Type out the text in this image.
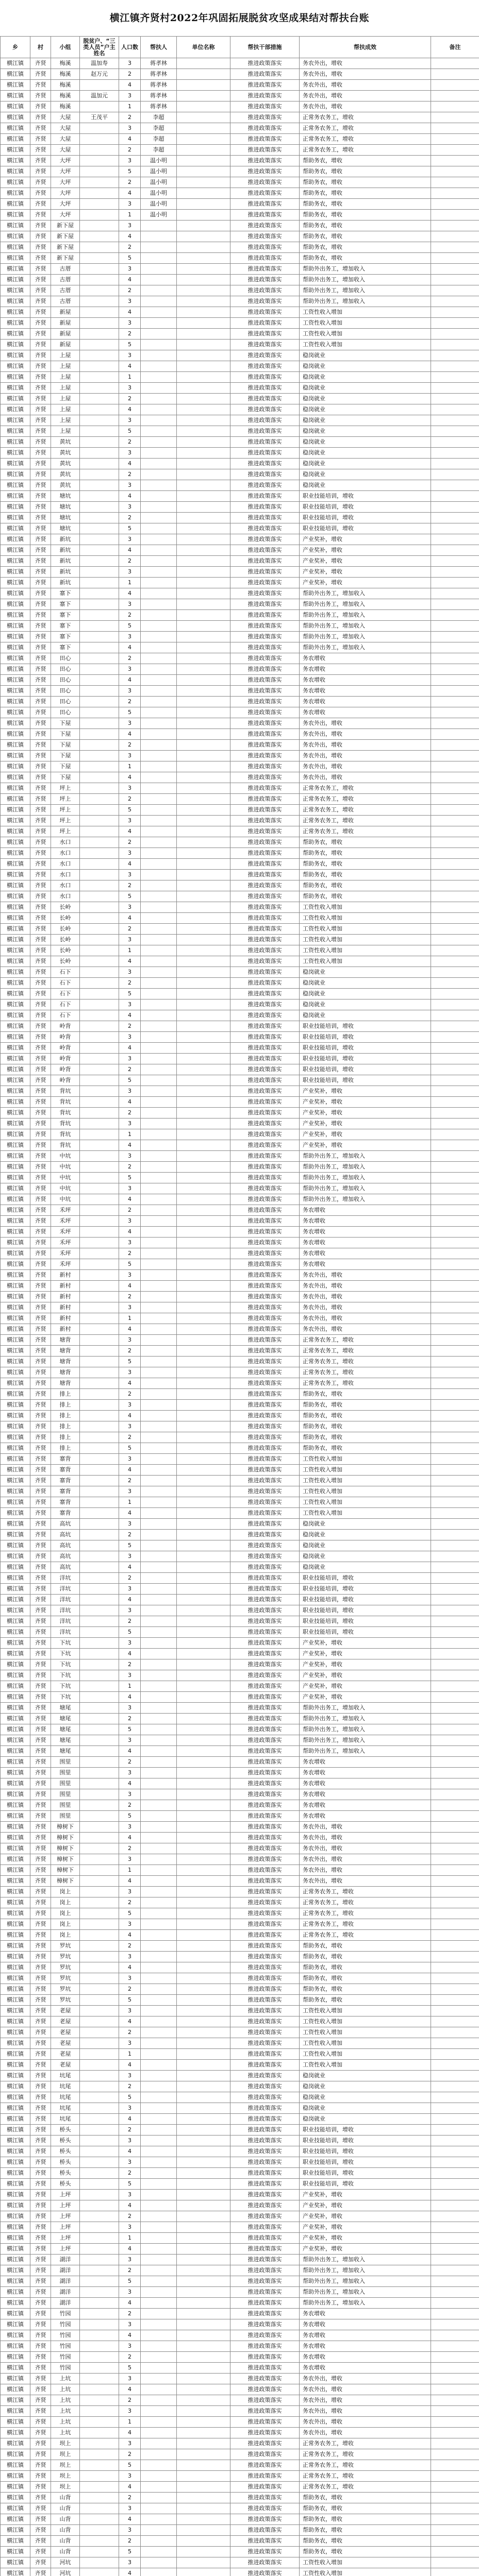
横江镇齐贤村2022年巩固拓展脱贫攻坚成果结对帮扶台账
乡	村	小组	脱贫户、“三类人员”户主姓名	人口数	帮扶人	单位名称	帮扶干部措施	帮扶成效	备注
横江镇	齐贤	梅溪	温加寿	3	蒋孝林		推进政策落实	务农外出，增收	
横江镇	齐贤	梅溪	赵万元	2	蒋孝林		推进政策落实	务农外出，增收	
横江镇	齐贤	梅溪		4	蒋孝林		推进政策落实	务农外出，增收	
横江镇	齐贤	梅溪	温加元	3	蒋孝林		推进政策落实	务农外出，增收	
横江镇	齐贤	梅溪		1	蒋孝林		推进政策落实	务农外出，增收	
横江镇	齐贤	大屋	王茂平	2	李超		推进政策落实	正常务农务工，增收	
横江镇	齐贤	大屋		3	李超		推进政策落实	正常务农务工，增收	
横江镇	齐贤	大屋		4	李超		推进政策落实	正常务农务工，增收	
横江镇	齐贤	大屋		2	李超		推进政策落实	正常务农务工，增收	
横江镇	齐贤	大坪		3	温小明		推进政策落实	帮助务农，增收	
横江镇	齐贤	大坪		5	温小明		推进政策落实	帮助务农，增收	
横江镇	齐贤	大坪		2	温小明		推进政策落实	帮助务农，增收	
横江镇	齐贤	大坪		4	温小明		推进政策落实	帮助务农，增收	
横江镇	齐贤	大坪		3	温小明		推进政策落实	帮助务农，增收	
横江镇	齐贤	大坪		1	温小明		推进政策落实	帮助务农，增收	
横江镇	齐贤	新下屋		3			推进政策落实	帮助务农，增收	
横江镇	齐贤	新下屋		4			推进政策落实	帮助务农，增收	
横江镇	齐贤	新下屋		2			推进政策落实	帮助务农，增收	
横江镇	齐贤	新下屋		5			推进政策落实	帮助务农，增收	
横江镇	齐贤	古厝		3			推进政策落实	帮助外出务工，增加收入	
横江镇	齐贤	古厝		4			推进政策落实	帮助外出务工，增加收入	
横江镇	齐贤	古厝		2			推进政策落实	帮助外出务工，增加收入	
横江镇	齐贤	古厝		3			推进政策落实	帮助外出务工，增加收入	
横江镇	齐贤	新屋		4			推进政策落实	工资性收入增加	
横江镇	齐贤	新屋		3			推进政策落实	工资性收入增加	
横江镇	齐贤	新屋		2			推进政策落实	工资性收入增加	
横江镇	齐贤	新屋		5			推进政策落实	工资性收入增加	
横江镇	齐贤	上屋		3			推进政策落实	稳岗就业	
横江镇	齐贤	上屋		4			推进政策落实	稳岗就业	
横江镇	齐贤	上屋		1			推进政策落实	稳岗就业	
横江镇	齐贤	上屋		3			推进政策落实	稳岗就业	
横江镇	齐贤	上屋		2			推进政策落实	稳岗就业	
横江镇	齐贤	上屋		4			推进政策落实	稳岗就业	
横江镇	齐贤	上屋		3			推进政策落实	稳岗就业	
横江镇	齐贤	上屋		5			推进政策落实	稳岗就业	
横江镇	齐贤	黄坑		2			推进政策落实	稳岗就业	
横江镇	齐贤	黄坑		3			推进政策落实	稳岗就业	
横江镇	齐贤	黄坑		4			推进政策落实	稳岗就业	
横江镇	齐贤	黄坑		2			推进政策落实	稳岗就业	
横江镇	齐贤	黄坑		3			推进政策落实	稳岗就业	
横江镇	齐贤	塘坑		4			推进政策落实	职业技能培训，增收	
横江镇	齐贤	塘坑		3			推进政策落实	职业技能培训，增收	
横江镇	齐贤	塘坑		2			推进政策落实	职业技能培训，增收	
横江镇	齐贤	塘坑		5			推进政策落实	职业技能培训，增收	
横江镇	齐贤	新坑		3			推进政策落实	产业奖补，增收	
横江镇	齐贤	新坑		4			推进政策落实	产业奖补，增收	
横江镇	齐贤	新坑		2			推进政策落实	产业奖补，增收	
横江镇	齐贤	新坑		3			推进政策落实	产业奖补，增收	
横江镇	齐贤	新坑		1			推进政策落实	产业奖补，增收	
横江镇	齐贤	寨下		4			推进政策落实	帮助外出务工，增加收入	
横江镇	齐贤	寨下		3			推进政策落实	帮助外出务工，增加收入	
横江镇	齐贤	寨下		2			推进政策落实	帮助外出务工，增加收入	
横江镇	齐贤	寨下		5			推进政策落实	帮助外出务工，增加收入	
横江镇	齐贤	寨下		3			推进政策落实	帮助外出务工，增加收入	
横江镇	齐贤	寨下		4			推进政策落实	帮助外出务工，增加收入	
横江镇	齐贤	田心		2			推进政策落实	务农增收	
横江镇	齐贤	田心		3			推进政策落实	务农增收	
横江镇	齐贤	田心		4			推进政策落实	务农增收	
横江镇	齐贤	田心		3			推进政策落实	务农增收	
横江镇	齐贤	田心		2			推进政策落实	务农增收	
横江镇	齐贤	田心		5			推进政策落实	务农增收	
横江镇	齐贤	下屋		3			推进政策落实	务农外出，增收	
横江镇	齐贤	下屋		4			推进政策落实	务农外出，增收	
横江镇	齐贤	下屋		2			推进政策落实	务农外出，增收	
横江镇	齐贤	下屋		3			推进政策落实	务农外出，增收	
横江镇	齐贤	下屋		1			推进政策落实	务农外出，增收	
横江镇	齐贤	下屋		4			推进政策落实	务农外出，增收	
横江镇	齐贤	坪上		3			推进政策落实	正常务农务工，增收	
横江镇	齐贤	坪上		2			推进政策落实	正常务农务工，增收	
横江镇	齐贤	坪上		5			推进政策落实	正常务农务工，增收	
横江镇	齐贤	坪上		3			推进政策落实	正常务农务工，增收	
横江镇	齐贤	坪上		4			推进政策落实	正常务农务工，增收	
横江镇	齐贤	水口		2			推进政策落实	帮助务农，增收	
横江镇	齐贤	水口		3			推进政策落实	帮助务农，增收	
横江镇	齐贤	水口		4			推进政策落实	帮助务农，增收	
横江镇	齐贤	水口		3			推进政策落实	帮助务农，增收	
横江镇	齐贤	水口		2			推进政策落实	帮助务农，增收	
横江镇	齐贤	水口		5			推进政策落实	帮助务农，增收	
横江镇	齐贤	长岭		3			推进政策落实	工资性收入增加	
横江镇	齐贤	长岭		4			推进政策落实	工资性收入增加	
横江镇	齐贤	长岭		2			推进政策落实	工资性收入增加	
横江镇	齐贤	长岭		3			推进政策落实	工资性收入增加	
横江镇	齐贤	长岭		1			推进政策落实	工资性收入增加	
横江镇	齐贤	长岭		4			推进政策落实	工资性收入增加	
横江镇	齐贤	石下		3			推进政策落实	稳岗就业	
横江镇	齐贤	石下		2			推进政策落实	稳岗就业	
横江镇	齐贤	石下		5			推进政策落实	稳岗就业	
横江镇	齐贤	石下		3			推进政策落实	稳岗就业	
横江镇	齐贤	石下		4			推进政策落实	稳岗就业	
横江镇	齐贤	岭背		2			推进政策落实	职业技能培训，增收	
横江镇	齐贤	岭背		3			推进政策落实	职业技能培训，增收	
横江镇	齐贤	岭背		4			推进政策落实	职业技能培训，增收	
横江镇	齐贤	岭背		3			推进政策落实	职业技能培训，增收	
横江镇	齐贤	岭背		2			推进政策落实	职业技能培训，增收	
横江镇	齐贤	岭背		5			推进政策落实	职业技能培训，增收	
横江镇	齐贤	背坑		3			推进政策落实	产业奖补，增收	
横江镇	齐贤	背坑		4			推进政策落实	产业奖补，增收	
横江镇	齐贤	背坑		2			推进政策落实	产业奖补，增收	
横江镇	齐贤	背坑		3			推进政策落实	产业奖补，增收	
横江镇	齐贤	背坑		1			推进政策落实	产业奖补，增收	
横江镇	齐贤	背坑		4			推进政策落实	产业奖补，增收	
横江镇	齐贤	中坑		3			推进政策落实	帮助外出务工，增加收入	
横江镇	齐贤	中坑		2			推进政策落实	帮助外出务工，增加收入	
横江镇	齐贤	中坑		5			推进政策落实	帮助外出务工，增加收入	
横江镇	齐贤	中坑		3			推进政策落实	帮助外出务工，增加收入	
横江镇	齐贤	中坑		4			推进政策落实	帮助外出务工，增加收入	
横江镇	齐贤	禾坪		2			推进政策落实	务农增收	
横江镇	齐贤	禾坪		3			推进政策落实	务农增收	
横江镇	齐贤	禾坪		4			推进政策落实	务农增收	
横江镇	齐贤	禾坪		3			推进政策落实	务农增收	
横江镇	齐贤	禾坪		2			推进政策落实	务农增收	
横江镇	齐贤	禾坪		5			推进政策落实	务农增收	
横江镇	齐贤	新村		3			推进政策落实	务农外出，增收	
横江镇	齐贤	新村		4			推进政策落实	务农外出，增收	
横江镇	齐贤	新村		2			推进政策落实	务农外出，增收	
横江镇	齐贤	新村		3			推进政策落实	务农外出，增收	
横江镇	齐贤	新村		1			推进政策落实	务农外出，增收	
横江镇	齐贤	新村		4			推进政策落实	务农外出，增收	
横江镇	齐贤	塘背		3			推进政策落实	正常务农务工，增收	
横江镇	齐贤	塘背		2			推进政策落实	正常务农务工，增收	
横江镇	齐贤	塘背		5			推进政策落实	正常务农务工，增收	
横江镇	齐贤	塘背		3			推进政策落实	正常务农务工，增收	
横江镇	齐贤	塘背		4			推进政策落实	正常务农务工，增收	
横江镇	齐贤	排上		2			推进政策落实	帮助务农，增收	
横江镇	齐贤	排上		3			推进政策落实	帮助务农，增收	
横江镇	齐贤	排上		4			推进政策落实	帮助务农，增收	
横江镇	齐贤	排上		3			推进政策落实	帮助务农，增收	
横江镇	齐贤	排上		2			推进政策落实	帮助务农，增收	
横江镇	齐贤	排上		5			推进政策落实	帮助务农，增收	
横江镇	齐贤	寨背		3			推进政策落实	工资性收入增加	
横江镇	齐贤	寨背		4			推进政策落实	工资性收入增加	
横江镇	齐贤	寨背		2			推进政策落实	工资性收入增加	
横江镇	齐贤	寨背		3			推进政策落实	工资性收入增加	
横江镇	齐贤	寨背		1			推进政策落实	工资性收入增加	
横江镇	齐贤	寨背		4			推进政策落实	工资性收入增加	
横江镇	齐贤	高坑		3			推进政策落实	稳岗就业	
横江镇	齐贤	高坑		2			推进政策落实	稳岗就业	
横江镇	齐贤	高坑		5			推进政策落实	稳岗就业	
横江镇	齐贤	高坑		3			推进政策落实	稳岗就业	
横江镇	齐贤	高坑		4			推进政策落实	稳岗就业	
横江镇	齐贤	洋坑		2			推进政策落实	职业技能培训，增收	
横江镇	齐贤	洋坑		3			推进政策落实	职业技能培训，增收	
横江镇	齐贤	洋坑		4			推进政策落实	职业技能培训，增收	
横江镇	齐贤	洋坑		3			推进政策落实	职业技能培训，增收	
横江镇	齐贤	洋坑		2			推进政策落实	职业技能培训，增收	
横江镇	齐贤	洋坑		5			推进政策落实	职业技能培训，增收	
横江镇	齐贤	下坑		3			推进政策落实	产业奖补，增收	
横江镇	齐贤	下坑		4			推进政策落实	产业奖补，增收	
横江镇	齐贤	下坑		2			推进政策落实	产业奖补，增收	
横江镇	齐贤	下坑		3			推进政策落实	产业奖补，增收	
横江镇	齐贤	下坑		1			推进政策落实	产业奖补，增收	
横江镇	齐贤	下坑		4			推进政策落实	产业奖补，增收	
横江镇	齐贤	塘尾		3			推进政策落实	帮助外出务工，增加收入	
横江镇	齐贤	塘尾		2			推进政策落实	帮助外出务工，增加收入	
横江镇	齐贤	塘尾		5			推进政策落实	帮助外出务工，增加收入	
横江镇	齐贤	塘尾		3			推进政策落实	帮助外出务工，增加收入	
横江镇	齐贤	塘尾		4			推进政策落实	帮助外出务工，增加收入	
横江镇	齐贤	围里		2			推进政策落实	务农增收	
横江镇	齐贤	围里		3			推进政策落实	务农增收	
横江镇	齐贤	围里		4			推进政策落实	务农增收	
横江镇	齐贤	围里		3			推进政策落实	务农增收	
横江镇	齐贤	围里		2			推进政策落实	务农增收	
横江镇	齐贤	围里		5			推进政策落实	务农增收	
横江镇	齐贤	樟树下		3			推进政策落实	务农外出，增收	
横江镇	齐贤	樟树下		4			推进政策落实	务农外出，增收	
横江镇	齐贤	樟树下		2			推进政策落实	务农外出，增收	
横江镇	齐贤	樟树下		3			推进政策落实	务农外出，增收	
横江镇	齐贤	樟树下		1			推进政策落实	务农外出，增收	
横江镇	齐贤	樟树下		4			推进政策落实	务农外出，增收	
横江镇	齐贤	岗上		3			推进政策落实	正常务农务工，增收	
横江镇	齐贤	岗上		2			推进政策落实	正常务农务工，增收	
横江镇	齐贤	岗上		5			推进政策落实	正常务农务工，增收	
横江镇	齐贤	岗上		3			推进政策落实	正常务农务工，增收	
横江镇	齐贤	岗上		4			推进政策落实	正常务农务工，增收	
横江镇	齐贤	罗坑		2			推进政策落实	帮助务农，增收	
横江镇	齐贤	罗坑		3			推进政策落实	帮助务农，增收	
横江镇	齐贤	罗坑		4			推进政策落实	帮助务农，增收	
横江镇	齐贤	罗坑		3			推进政策落实	帮助务农，增收	
横江镇	齐贤	罗坑		2			推进政策落实	帮助务农，增收	
横江镇	齐贤	罗坑		5			推进政策落实	帮助务农，增收	
横江镇	齐贤	老屋		3			推进政策落实	工资性收入增加	
横江镇	齐贤	老屋		4			推进政策落实	工资性收入增加	
横江镇	齐贤	老屋		2			推进政策落实	工资性收入增加	
横江镇	齐贤	老屋		3			推进政策落实	工资性收入增加	
横江镇	齐贤	老屋		1			推进政策落实	工资性收入增加	
横江镇	齐贤	老屋		4			推进政策落实	工资性收入增加	
横江镇	齐贤	坑尾		3			推进政策落实	稳岗就业	
横江镇	齐贤	坑尾		2			推进政策落实	稳岗就业	
横江镇	齐贤	坑尾		5			推进政策落实	稳岗就业	
横江镇	齐贤	坑尾		3			推进政策落实	稳岗就业	
横江镇	齐贤	坑尾		4			推进政策落实	稳岗就业	
横江镇	齐贤	桥头		2			推进政策落实	职业技能培训，增收	
横江镇	齐贤	桥头		3			推进政策落实	职业技能培训，增收	
横江镇	齐贤	桥头		4			推进政策落实	职业技能培训，增收	
横江镇	齐贤	桥头		3			推进政策落实	职业技能培训，增收	
横江镇	齐贤	桥头		2			推进政策落实	职业技能培训，增收	
横江镇	齐贤	桥头		5			推进政策落实	职业技能培训，增收	
横江镇	齐贤	上坪		3			推进政策落实	产业奖补，增收	
横江镇	齐贤	上坪		4			推进政策落实	产业奖补，增收	
横江镇	齐贤	上坪		2			推进政策落实	产业奖补，增收	
横江镇	齐贤	上坪		3			推进政策落实	产业奖补，增收	
横江镇	齐贤	上坪		1			推进政策落实	产业奖补，增收	
横江镇	齐贤	上坪		4			推进政策落实	产业奖补，增收	
横江镇	齐贤	湖洋		3			推进政策落实	帮助外出务工，增加收入	
横江镇	齐贤	湖洋		2			推进政策落实	帮助外出务工，增加收入	
横江镇	齐贤	湖洋		5			推进政策落实	帮助外出务工，增加收入	
横江镇	齐贤	湖洋		3			推进政策落实	帮助外出务工，增加收入	
横江镇	齐贤	湖洋		4			推进政策落实	帮助外出务工，增加收入	
横江镇	齐贤	竹园		2			推进政策落实	务农增收	
横江镇	齐贤	竹园		3			推进政策落实	务农增收	
横江镇	齐贤	竹园		4			推进政策落实	务农增收	
横江镇	齐贤	竹园		3			推进政策落实	务农增收	
横江镇	齐贤	竹园		2			推进政策落实	务农增收	
横江镇	齐贤	竹园		5			推进政策落实	务农增收	
横江镇	齐贤	上坑		3			推进政策落实	务农外出，增收	
横江镇	齐贤	上坑		4			推进政策落实	务农外出，增收	
横江镇	齐贤	上坑		2			推进政策落实	务农外出，增收	
横江镇	齐贤	上坑		3			推进政策落实	务农外出，增收	
横江镇	齐贤	上坑		1			推进政策落实	务农外出，增收	
横江镇	齐贤	上坑		4			推进政策落实	务农外出，增收	
横江镇	齐贤	坝上		3			推进政策落实	正常务农务工，增收	
横江镇	齐贤	坝上		2			推进政策落实	正常务农务工，增收	
横江镇	齐贤	坝上		5			推进政策落实	正常务农务工，增收	
横江镇	齐贤	坝上		3			推进政策落实	正常务农务工，增收	
横江镇	齐贤	坝上		4			推进政策落实	正常务农务工，增收	
横江镇	齐贤	山背		2			推进政策落实	帮助务农，增收	
横江镇	齐贤	山背		3			推进政策落实	帮助务农，增收	
横江镇	齐贤	山背		4			推进政策落实	帮助务农，增收	
横江镇	齐贤	山背		3			推进政策落实	帮助务农，增收	
横江镇	齐贤	山背		2			推进政策落实	帮助务农，增收	
横江镇	齐贤	山背		5			推进政策落实	帮助务农，增收	
横江镇	齐贤	河坑		3			推进政策落实	工资性收入增加	
横江镇	齐贤	河坑		4			推进政策落实	工资性收入增加	
